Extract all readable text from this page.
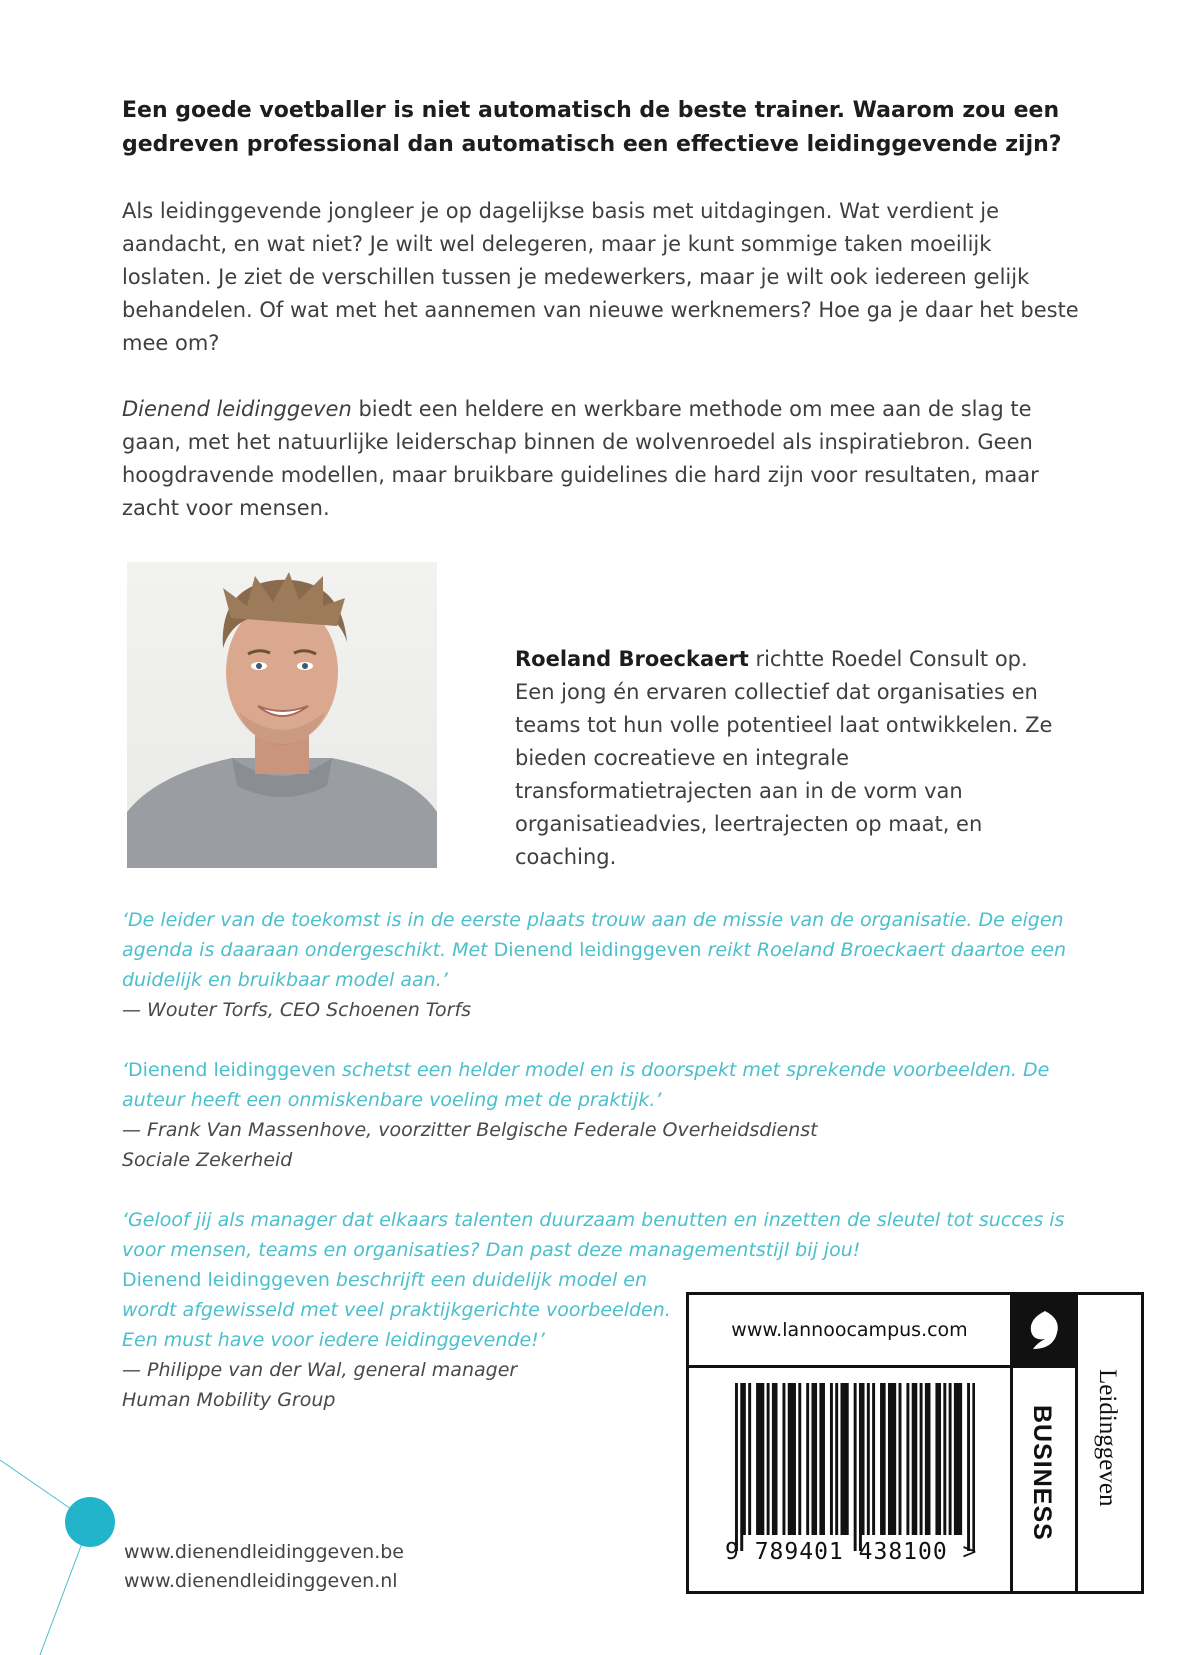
Een goede voetballer is niet automatisch de beste trainer. Waarom zou een gedreven professional dan automatisch een effectieve leidinggevende zijn?

Als leidinggevende jongleer je op dagelijkse basis met uitdagingen. Wat verdient je aandacht, en wat niet? Je wilt wel delegeren, maar je kunt sommige taken moeilijk loslaten. Je ziet de verschillen tussen je medewerkers, maar je wilt ook iedereen gelijk behandelen. Of wat met het aannemen van nieuwe werknemers? Hoe ga je daar het beste mee om?

Dienend leidinggeven biedt een heldere en werkbare methode om mee aan de slag te gaan, met het natuurlijke leiderschap binnen de wolvenroedel als inspiratiebron. Geen hoogdravende modellen, maar bruikbare guidelines die hard zijn voor resultaten, maar zacht voor mensen.

Roeland Broeckaert richtte Roedel Consult op. Een jong én ervaren collectief dat organisaties en teams tot hun volle potentieel laat ontwikkelen. Ze bieden cocreatieve en integrale transformatietrajecten aan in de vorm van organisatieadvies, leertrajecten op maat, en coaching.

‘De leider van de toekomst is in de eerste plaats trouw aan de missie van de organisatie. De eigen agenda is daaraan ondergeschikt. Met Dienend leidinggeven reikt Roeland Broeckaert daartoe een duidelijk en bruikbaar model aan.’
— Wouter Torfs, CEO Schoenen Torfs

‘Dienend leidinggeven schetst een helder model en is doorspekt met sprekende voorbeelden. De auteur heeft een onmiskenbare voeling met de praktijk.’
— Frank Van Massenhove, voorzitter Belgische Federale Overheidsdienst
Sociale Zekerheid

‘Geloof jij als manager dat elkaars talenten duurzaam benutten en inzetten de sleutel tot succes is voor mensen, teams en organisaties? Dan past deze managementstijl bij jou!
Dienend leidinggeven beschrijft een duidelijk model en wordt afgewisseld met veel praktijkgerichte voorbeelden. Een must have voor iedere leidinggevende!’
— Philippe van der Wal, general manager
Human Mobility Group

www.dienendleidinggeven.be
www.dienendleidinggeven.nl
www.lannoocampus.com
9 789401 438100 >
BUSINESS Leidinggeven
